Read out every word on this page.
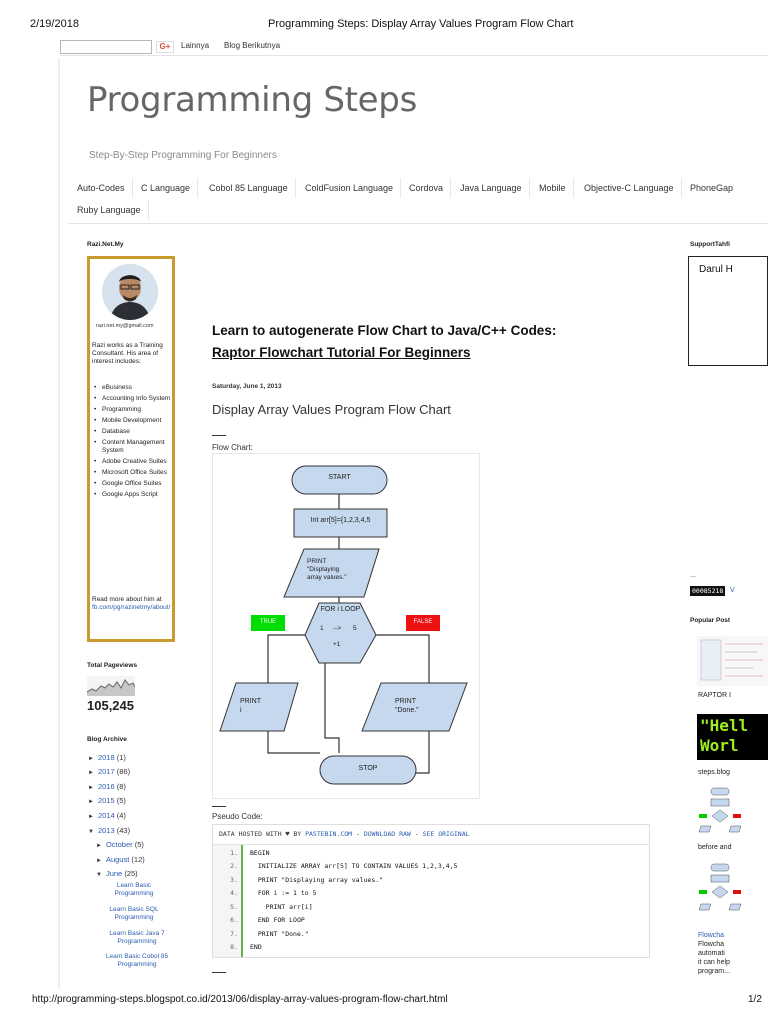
2/19/2018	Programming Steps: Display Array Values Program Flow Chart
G+	Lainnya Blog Berikutnya
Programming Steps
Step-By-Step Programming For Beginners
Auto-Codes	C Language	Cobol 85 Language	ColdFusion Language	Cordova	Java Language	Mobile	Objective-C Language	PhoneGap
Ruby Language
Razi.Net.My
razi.net.my@gmail.com
Razi works as a Training Consultant. His area of interest includes:
• eBusiness
• Accounting Info System
• Programming
• Mobile Development
• Database
• Content Management System
• Adobe Creative Suites
• Microsoft Office Suites
• Google Office Suites
• Google Apps Script
Read more about him at
fb.com/pg/razinetmy/about/
Total Pageviews
105,245
Blog Archive
► 2018 (1)
► 2017 (86)
► 2016 (8)
► 2015 (5)
► 2014 (4)
▼ 2013 (43)
► October (5)
► August (12)
▼ June (25)
Learn Basic Programming
Learn Basic SQL Programming
Learn Basic Java 7 Programming
Learn Basic Cobol 85 Programming
Learn to autogenerate Flow Chart to Java/C++ Codes:
Raptor Flowchart Tutorial For Beginners
Saturday, June 1, 2013
Display Array Values Program Flow Chart
Flow Chart:
START
Int arr[5]={1,2,3,4,5
PRINT
"Displaying
array values."
FOR i LOOP
1 --> 5
+1
TRUE	FALSE
PRINT
i
PRINT
"Done."
STOP
Pseudo Code:
DATA HOSTED WITH ♥ BY PASTEBIN.COM - DOWNLOAD RAW - SEE ORIGINAL
1. BEGIN
2. INITIALIZE ARRAY arr[5] TO CONTAIN VALUES 1,2,3,4,5
3. PRINT "Displaying array values."
4. FOR i := 1 to 5
5. PRINT arr[i]
6. END FOR LOOP
7. PRINT "Done."
8. END
SupportTahfi
Darul H
...
00085218 V
Popular Post
RAPTOR I
"Hell
Worl
steps.blog
before and
Flowcha
Flowcha
automati
it can help
program...
http://programming-steps.blogspot.co.id/2013/06/display-array-values-program-flow-chart.html	1/2
